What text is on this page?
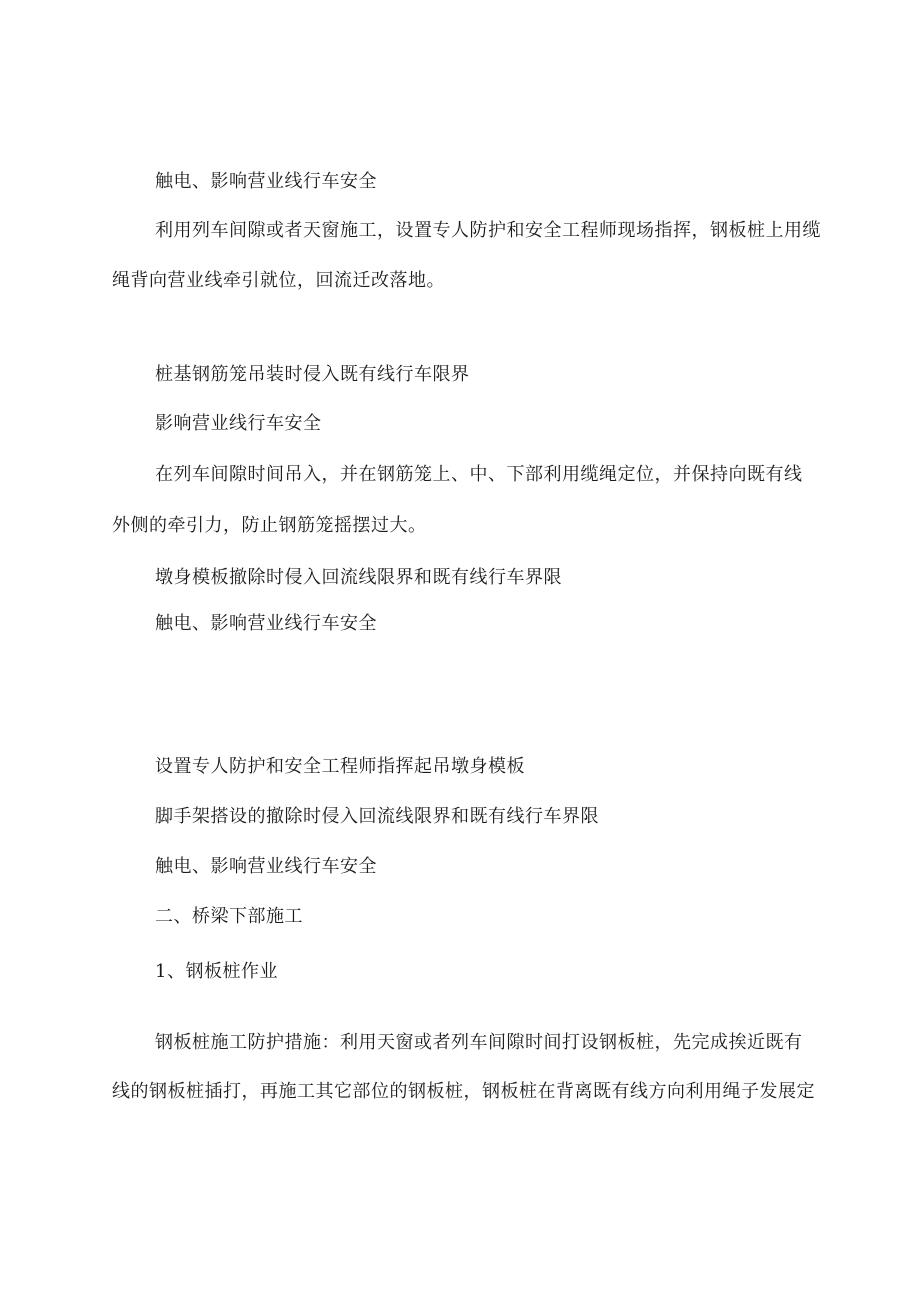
触电、影响营业线行车安全
利用列车间隙或者天窗施工，设置专人防护和安全工程师现场指挥，钢板桩上用缆
绳背向营业线牵引就位，回流迁改落地。
桩基钢筋笼吊装时侵入既有线行车限界
影响营业线行车安全
在列车间隙时间吊入，并在钢筋笼上、中、下部利用缆绳定位，并保持向既有线
外侧的牵引力，防止钢筋笼摇摆过大。
墩身模板撤除时侵入回流线限界和既有线行车界限
触电、影响营业线行车安全
设置专人防护和安全工程师指挥起吊墩身模板
脚手架搭设的撤除时侵入回流线限界和既有线行车界限
触电、影响营业线行车安全
二、桥梁下部施工
1、钢板桩作业
钢板桩施工防护措施：利用天窗或者列车间隙时间打设钢板桩，先完成挨近既有
线的钢板桩插打，再施工其它部位的钢板桩，钢板桩在背离既有线方向利用绳子发展定
